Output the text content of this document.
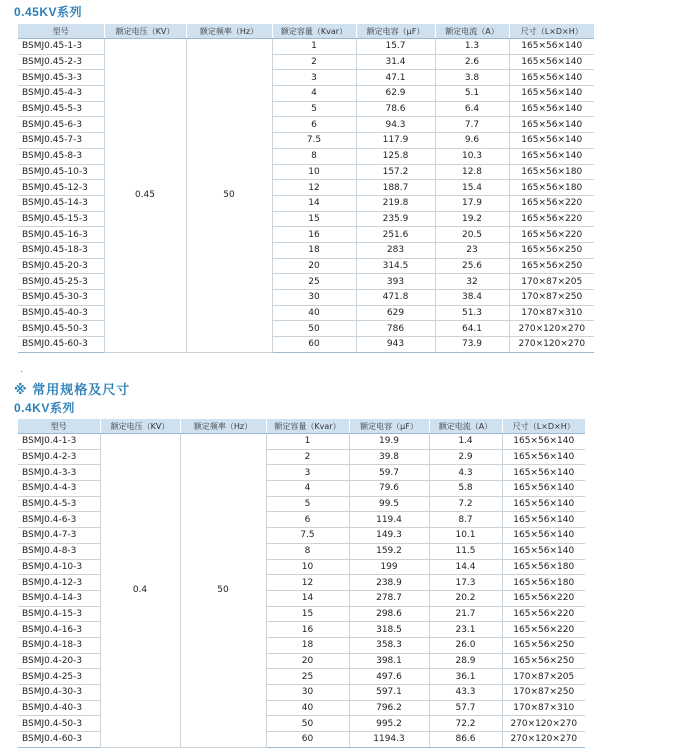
0.45KV系列
型号	额定电压（KV）	额定频率（Hz）	额定容量（Kvar）	额定电容（μF）	额定电流（A）	尺寸（L×D×H）
BSMJ0.45-1-3	0.45	50	1	15.7	1.3	165×56×140
BSMJ0.45-2-3			2	31.4	2.6	165×56×140
BSMJ0.45-3-3			3	47.1	3.8	165×56×140
BSMJ0.45-4-3			4	62.9	5.1	165×56×140
BSMJ0.45-5-3			5	78.6	6.4	165×56×140
BSMJ0.45-6-3			6	94.3	7.7	165×56×140
BSMJ0.45-7-3			7.5	117.9	9.6	165×56×140
BSMJ0.45-8-3			8	125.8	10.3	165×56×140
BSMJ0.45-10-3			10	157.2	12.8	165×56×180
BSMJ0.45-12-3			12	188.7	15.4	165×56×180
BSMJ0.45-14-3			14	219.8	17.9	165×56×220
BSMJ0.45-15-3			15	235.9	19.2	165×56×220
BSMJ0.45-16-3			16	251.6	20.5	165×56×220
BSMJ0.45-18-3			18	283	23	165×56×250
BSMJ0.45-20-3			20	314.5	25.6	165×56×250
BSMJ0.45-25-3			25	393	32	170×87×205
BSMJ0.45-30-3			30	471.8	38.4	170×87×250
BSMJ0.45-40-3			40	629	51.3	170×87×310
BSMJ0.45-50-3			50	786	64.1	270×120×270
BSMJ0.45-60-3			60	943	73.9	270×120×270
.
※ 常用规格及尺寸
0.4KV系列
型号	额定电压（KV）	额定频率（Hz）	额定容量（Kvar）	额定电容（μF）	额定电流（A）	尺寸（L×D×H）
BSMJ0.4-1-3	0.4	50	1	19.9	1.4	165×56×140
BSMJ0.4-2-3			2	39.8	2.9	165×56×140
BSMJ0.4-3-3			3	59.7	4.3	165×56×140
BSMJ0.4-4-3			4	79.6	5.8	165×56×140
BSMJ0.4-5-3			5	99.5	7.2	165×56×140
BSMJ0.4-6-3			6	119.4	8.7	165×56×140
BSMJ0.4-7-3			7.5	149.3	10.1	165×56×140
BSMJ0.4-8-3			8	159.2	11.5	165×56×140
BSMJ0.4-10-3			10	199	14.4	165×56×180
BSMJ0.4-12-3			12	238.9	17.3	165×56×180
BSMJ0.4-14-3			14	278.7	20.2	165×56×220
BSMJ0.4-15-3			15	298.6	21.7	165×56×220
BSMJ0.4-16-3			16	318.5	23.1	165×56×220
BSMJ0.4-18-3			18	358.3	26.0	165×56×250
BSMJ0.4-20-3			20	398.1	28.9	165×56×250
BSMJ0.4-25-3			25	497.6	36.1	170×87×205
BSMJ0.4-30-3			30	597.1	43.3	170×87×250
BSMJ0.4-40-3			40	796.2	57.7	170×87×310
BSMJ0.4-50-3			50	995.2	72.2	270×120×270
BSMJ0.4-60-3			60	1194.3	86.6	270×120×270
